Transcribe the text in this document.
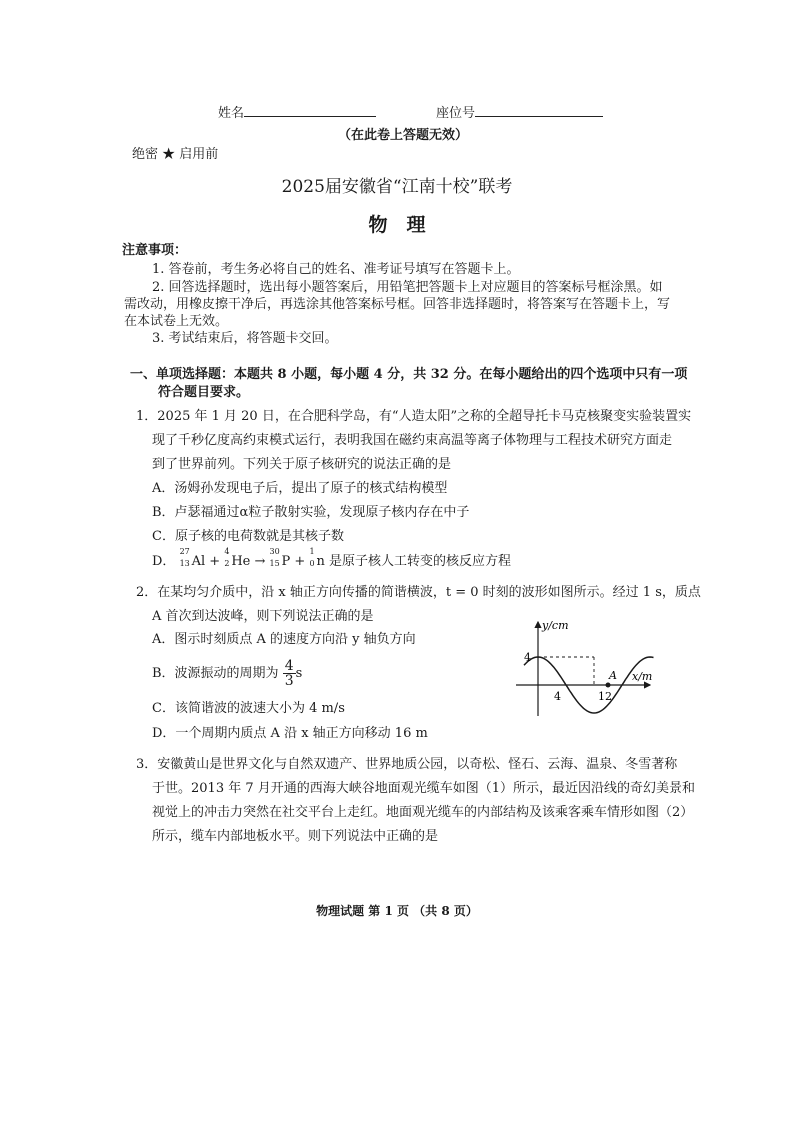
姓名	座位号
（在此卷上答题无效）
绝密 ★ 启用前
2025届安徽省“江南十校”联考
物　理
注意事项：
1. 答卷前，考生务必将自己的姓名、准考证号填写在答题卡上。
2. 回答选择题时，选出每小题答案后，用铅笔把答题卡上对应题目的答案标号框涂黑。如
需改动，用橡皮擦干净后，再选涂其他答案标号框。回答非选择题时，将答案写在答题卡上，写
在本试卷上无效。
3. 考试结束后，将答题卡交回。
一、单项选择题：本题共 8 小题，每小题 4 分，共 32 分。在每小题给出的四个选项中只有一项
符合题目要求。
1．2025 年 1 月 20 日，在合肥科学岛，有“人造太阳”之称的全超导托卡马克核聚变实验装置实
现了千秒亿度高约束模式运行，表明我国在磁约束高温等离子体物理与工程技术研究方面走
到了世界前列。下列关于原子核研究的说法正确的是
A．汤姆孙发现电子后，提出了原子的核式结构模型
B．卢瑟福通过α粒子散射实验，发现原子核内存在中子
C．原子核的电荷数就是其核子数
D．
27
13 Al +
4
2 He →
30
15 P +
1
0 n 是原子核人工转变的核反应方程
2．在某均匀介质中，沿 x 轴正方向传播的简谐横波，t = 0 时刻的波形如图所示。经过 1 s，质点
A 首次到达波峰，则下列说法正确的是
A．图示时刻质点 A 的速度方向沿 y 轴负方向
B．波源振动的周期为 $\frac{4}{3}$ s
C．该简谐波的波速大小为 4 m/s
D．一个周期内质点 A 沿 x 轴正方向移动 16 m
y/cm
x/m
4
4	12
A
3．安徽黄山是世界文化与自然双遗产、世界地质公园，以奇松、怪石、云海、温泉、冬雪著称
于世。2013 年 7 月开通的西海大峡谷地面观光缆车如图（1）所示，最近因沿线的奇幻美景和
视觉上的冲击力突然在社交平台上走红。地面观光缆车的内部结构及该乘客乘车情形如图（2）
所示，缆车内部地板水平。则下列说法中正确的是
物理试题 第 1 页 （共 8 页）
